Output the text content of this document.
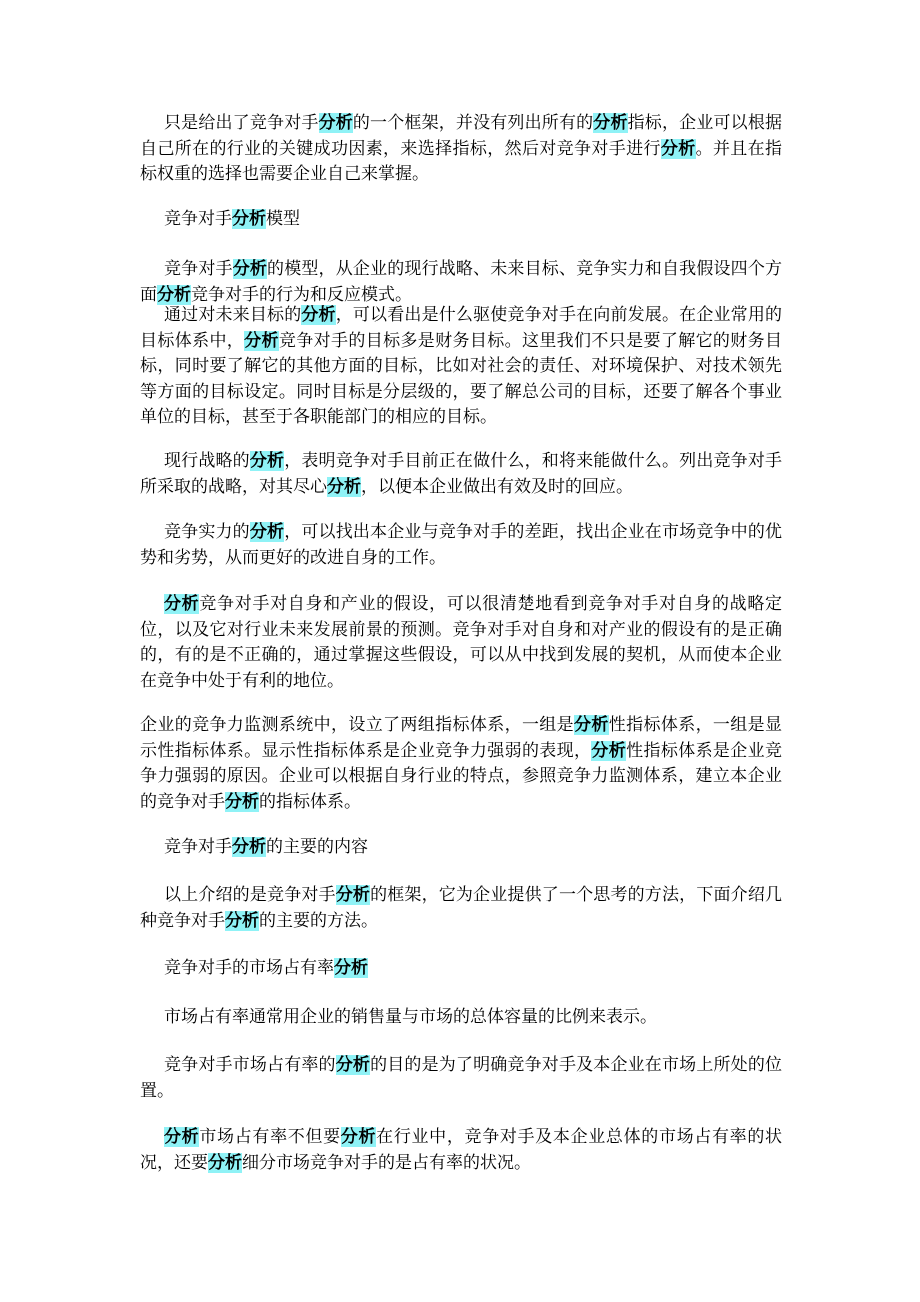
只是给出了竞争对手分析的一个框架，并没有列出所有的分析指标，企业可以根据自己所在的行业的关键成功因素，来选择指标，然后对竞争对手进行分析。并且在指标权重的选择也需要企业自己来掌握。

竞争对手分析模型

竞争对手分析的模型，从企业的现行战略、未来目标、竞争实力和自我假设四个方面分析竞争对手的行为和反应模式。

通过对未来目标的分析，可以看出是什么驱使竞争对手在向前发展。在企业常用的目标体系中，分析竞争对手的目标多是财务目标。这里我们不只是要了解它的财务目标，同时要了解它的其他方面的目标，比如对社会的责任、对环境保护、对技术领先等方面的目标设定。同时目标是分层级的，要了解总公司的目标，还要了解各个事业单位的目标，甚至于各职能部门的相应的目标。

现行战略的分析，表明竞争对手目前正在做什么，和将来能做什么。列出竞争对手所采取的战略，对其尽心分析，以便本企业做出有效及时的回应。

竞争实力的分析，可以找出本企业与竞争对手的差距，找出企业在市场竞争中的优势和劣势，从而更好的改进自身的工作。

分析竞争对手对自身和产业的假设，可以很清楚地看到竞争对手对自身的战略定位，以及它对行业未来发展前景的预测。竞争对手对自身和对产业的假设有的是正确的，有的是不正确的，通过掌握这些假设，可以从中找到发展的契机，从而使本企业在竞争中处于有利的地位。

企业的竞争力监测系统中，设立了两组指标体系，一组是分析性指标体系，一组是显示性指标体系。显示性指标体系是企业竞争力强弱的表现，分析性指标体系是企业竞争力强弱的原因。企业可以根据自身行业的特点，参照竞争力监测体系，建立本企业的竞争对手分析的指标体系。

竞争对手分析的主要的内容

以上介绍的是竞争对手分析的框架，它为企业提供了一个思考的方法，下面介绍几种竞争对手分析的主要的方法。

竞争对手的市场占有率分析

市场占有率通常用企业的销售量与市场的总体容量的比例来表示。

竞争对手市场占有率的分析的目的是为了明确竞争对手及本企业在市场上所处的位置。

分析市场占有率不但要分析在行业中，竞争对手及本企业总体的市场占有率的状况，还要分析细分市场竞争对手的是占有率的状况。
